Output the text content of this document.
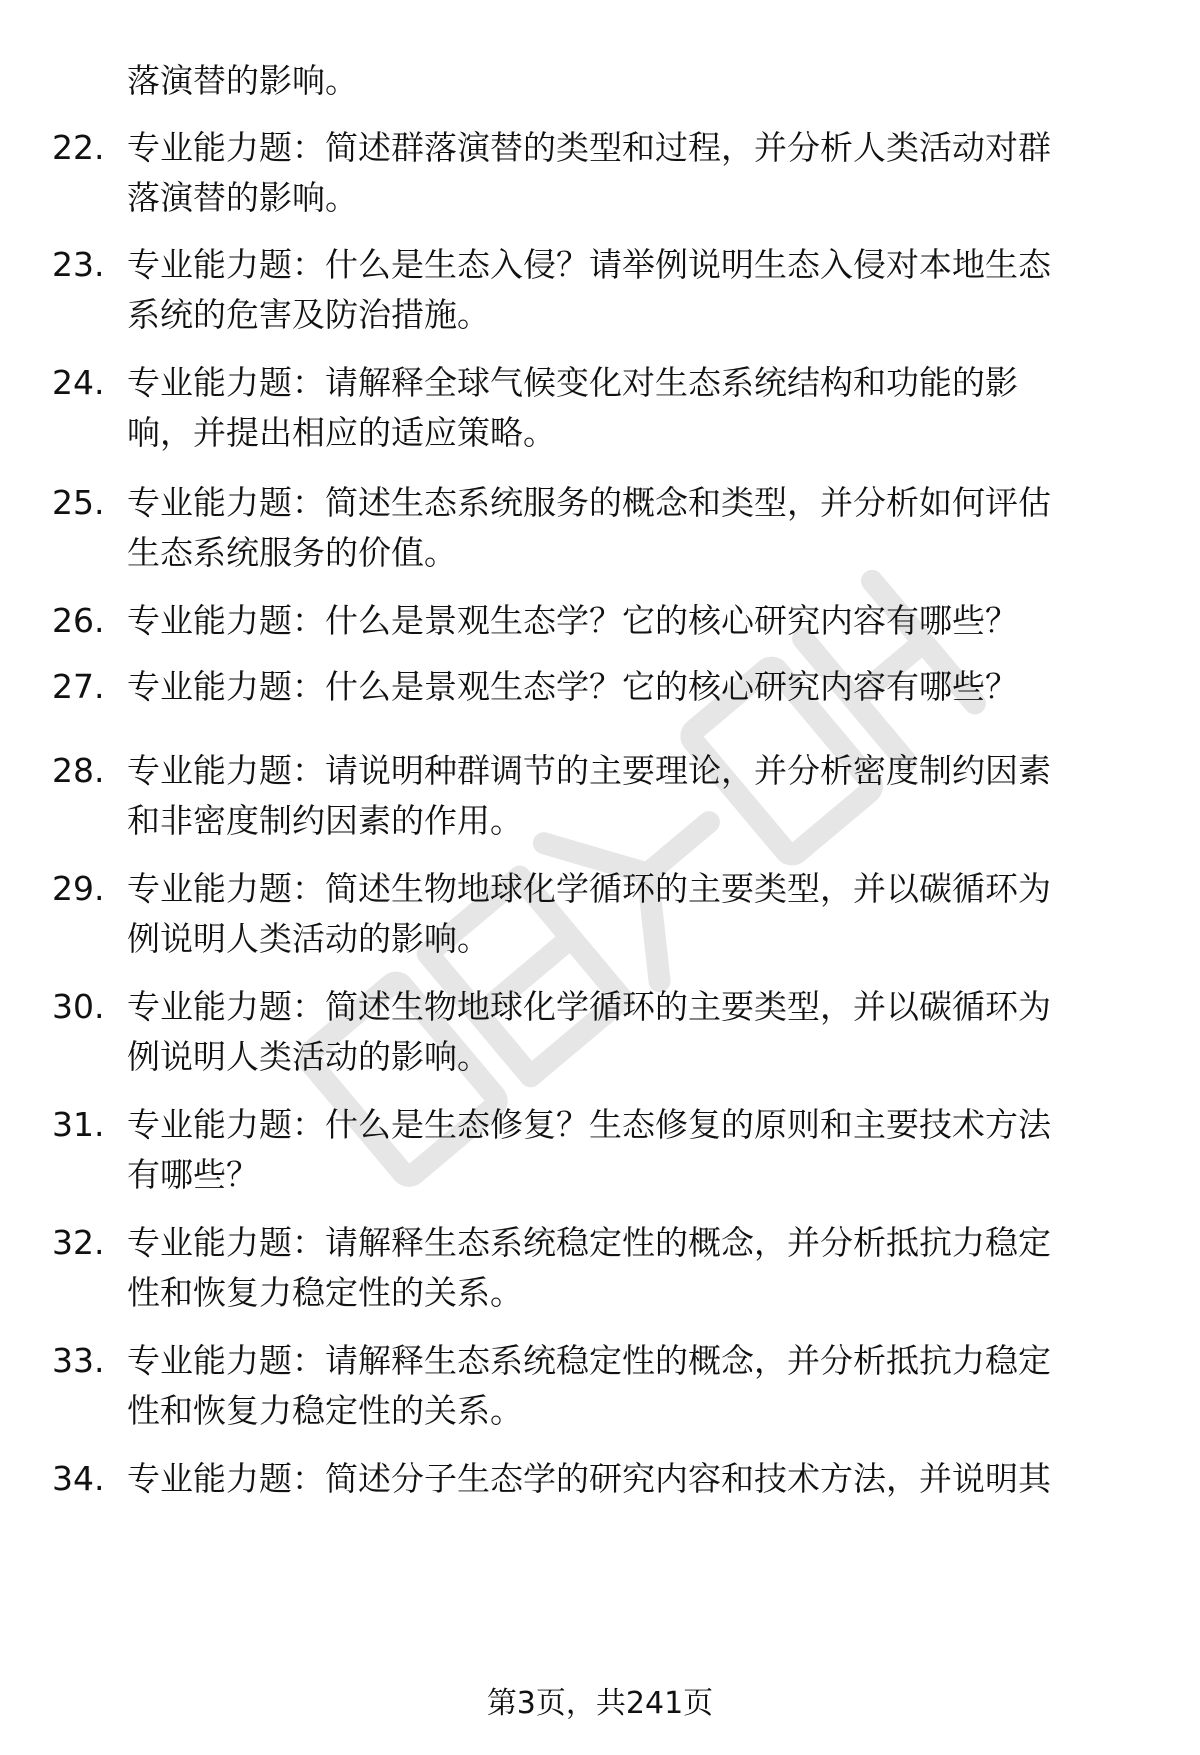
落演替的影响。
22. 专业能力题：简述群落演替的类型和过程，并分析人类活动对群
落演替的影响。
23. 专业能力题：什么是生态入侵？请举例说明生态入侵对本地生态
系统的危害及防治措施。
24. 专业能力题：请解释全球气候变化对生态系统结构和功能的影
响，并提出相应的适应策略。
25. 专业能力题：简述生态系统服务的概念和类型，并分析如何评估
生态系统服务的价值。
26. 专业能力题：什么是景观生态学？它的核心研究内容有哪些？
27. 专业能力题：什么是景观生态学？它的核心研究内容有哪些？
28. 专业能力题：请说明种群调节的主要理论，并分析密度制约因素
和非密度制约因素的作用。
29. 专业能力题：简述生物地球化学循环的主要类型，并以碳循环为
例说明人类活动的影响。
30. 专业能力题：简述生物地球化学循环的主要类型，并以碳循环为
例说明人类活动的影响。
31. 专业能力题：什么是生态修复？生态修复的原则和主要技术方法
有哪些？
32. 专业能力题：请解释生态系统稳定性的概念，并分析抵抗力稳定
性和恢复力稳定性的关系。
33. 专业能力题：请解释生态系统稳定性的概念，并分析抵抗力稳定
性和恢复力稳定性的关系。
34. 专业能力题：简述分子生态学的研究内容和技术方法，并说明其
第3页，共241页
